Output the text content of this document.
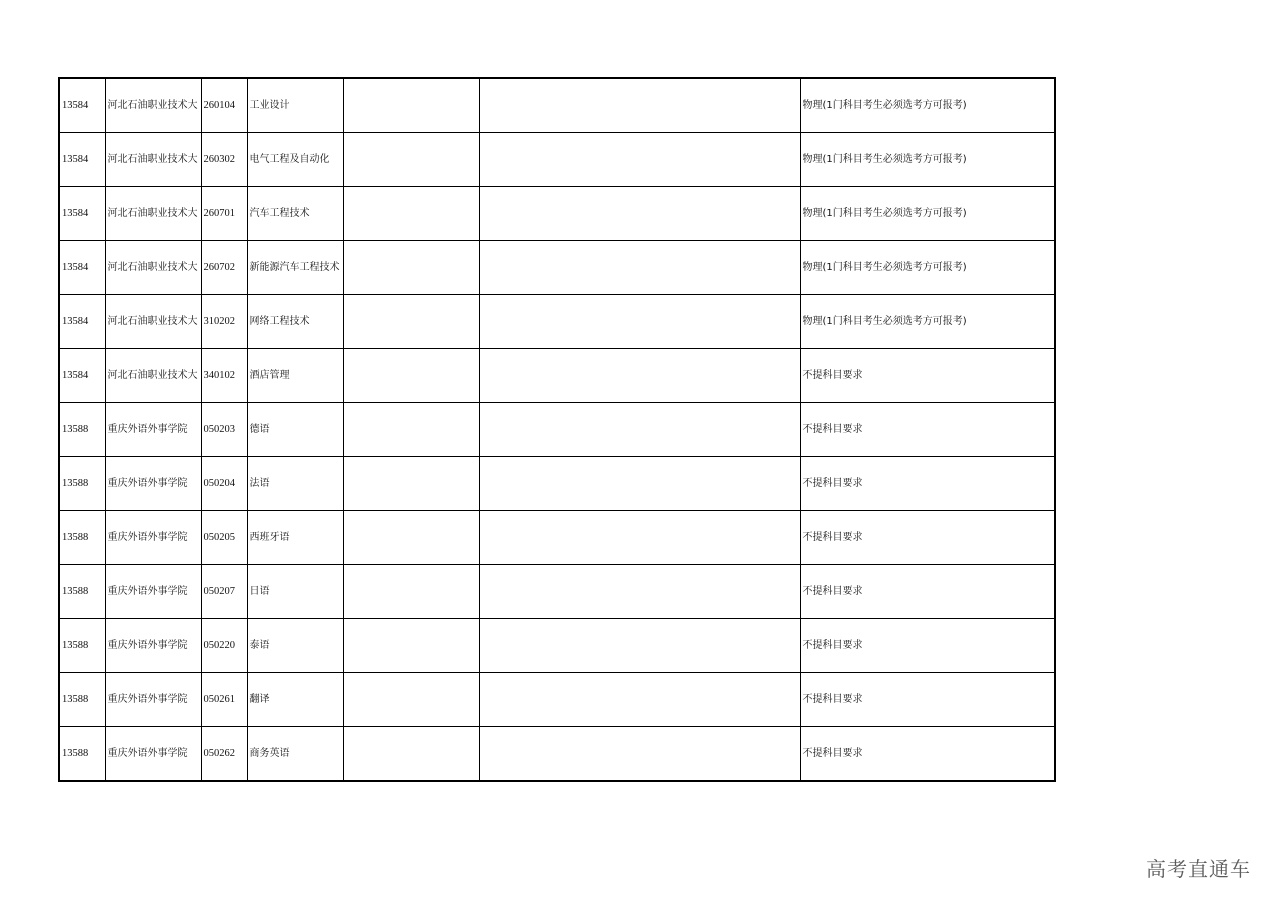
13584	河北石油职业技术大	260104	工业设计			物理(1门科目考生必须选考方可报考)
13584	河北石油职业技术大	260302	电气工程及自动化			物理(1门科目考生必须选考方可报考)
13584	河北石油职业技术大	260701	汽车工程技术			物理(1门科目考生必须选考方可报考)
13584	河北石油职业技术大	260702	新能源汽车工程技术			物理(1门科目考生必须选考方可报考)
13584	河北石油职业技术大	310202	网络工程技术			物理(1门科目考生必须选考方可报考)
13584	河北石油职业技术大	340102	酒店管理			不提科目要求
13588	重庆外语外事学院	050203	德语			不提科目要求
13588	重庆外语外事学院	050204	法语			不提科目要求
13588	重庆外语外事学院	050205	西班牙语			不提科目要求
13588	重庆外语外事学院	050207	日语			不提科目要求
13588	重庆外语外事学院	050220	泰语			不提科目要求
13588	重庆外语外事学院	050261	翻译			不提科目要求
13588	重庆外语外事学院	050262	商务英语			不提科目要求
高考直通车
